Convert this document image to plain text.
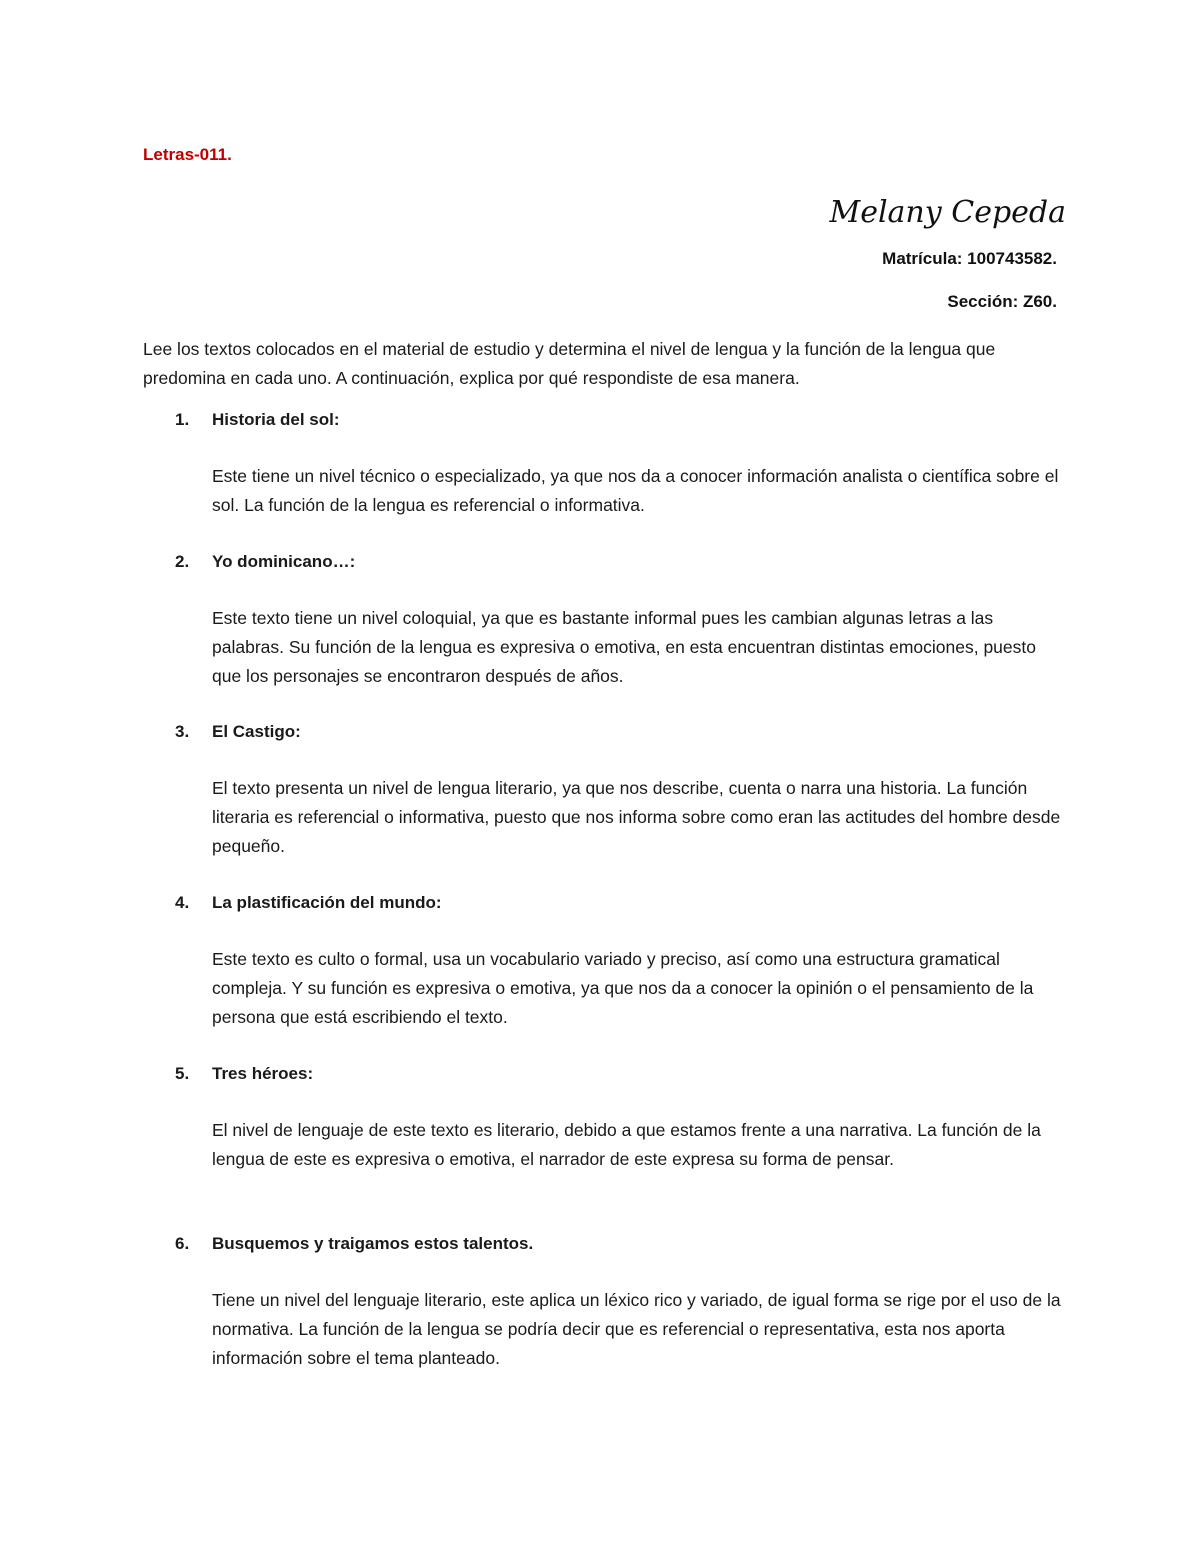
Letras-011.
Melany Cepeda
Matrícula: 100743582.
Sección: Z60.

Lee los textos colocados en el material de estudio y determina el nivel de lengua y la función de la lengua que predomina en cada uno. A continuación, explica por qué respondiste de esa manera.

1. Historia del sol:

Este tiene un nivel técnico o especializado, ya que nos da a conocer información analista o científica sobre el sol. La función de la lengua es referencial o informativa.

2. Yo dominicano…:

Este texto tiene un nivel coloquial, ya que es bastante informal pues les cambian algunas letras a las palabras. Su función de la lengua es expresiva o emotiva, en esta encuentran distintas emociones, puesto que los personajes se encontraron después de años.

3. El Castigo:

El texto presenta un nivel de lengua literario, ya que nos describe, cuenta o narra una historia. La función literaria es referencial o informativa, puesto que nos informa sobre como eran las actitudes del hombre desde pequeño.

4. La plastificación del mundo:

Este texto es culto o formal, usa un vocabulario variado y preciso, así como una estructura gramatical compleja. Y su función es expresiva o emotiva, ya que nos da a conocer la opinión o el pensamiento de la persona que está escribiendo el texto.

5. Tres héroes:

El nivel de lenguaje de este texto es literario, debido a que estamos frente a una narrativa. La función de la lengua de este es expresiva o emotiva, el narrador de este expresa su forma de pensar.

6. Busquemos y traigamos estos talentos.

Tiene un nivel del lenguaje literario, este aplica un léxico rico y variado, de igual forma se rige por el uso de la normativa. La función de la lengua se podría decir que es referencial o representativa, esta nos aporta información sobre el tema planteado.
